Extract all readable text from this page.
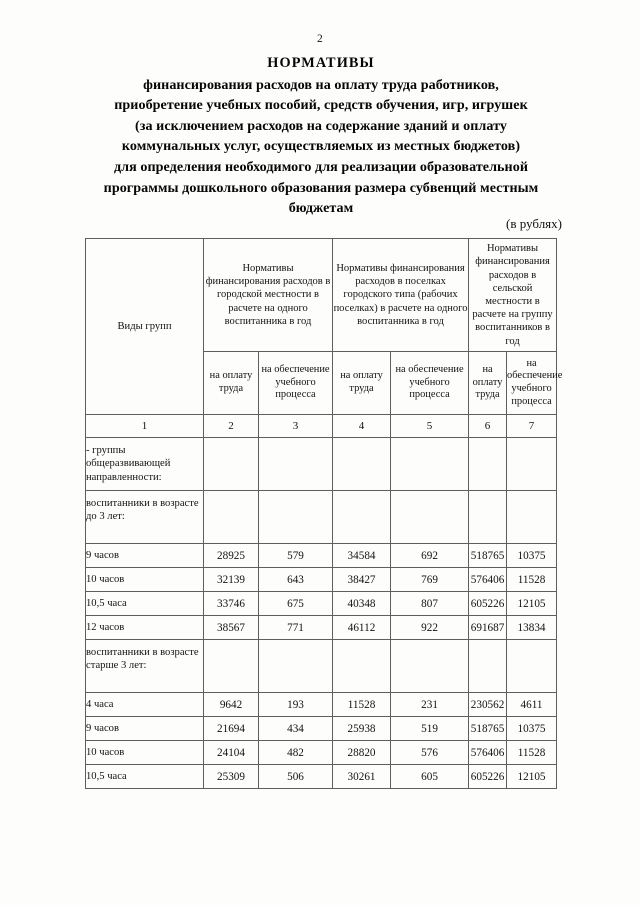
2
НОРМАТИВЫ
финансирования расходов на оплату труда работников,
приобретение учебных пособий, средств обучения, игр, игрушек
(за исключением расходов на содержание зданий и оплату
коммунальных услуг, осуществляемых из местных бюджетов)
для определения необходимого для реализации образовательной
программы дошкольного образования размера субвенций местным
бюджетам
(в рублях)
Виды групп	Нормативы финансирования расходов в городской местности в расчете на одного воспитанника в год		Нормативы финансирования расходов в поселках городского типа (рабочих поселках) в расчете на одного воспитанника в год		Нормативы финансирования расходов в сельской местности в расчете на группу воспитанников в год	
	на оплату труда	на обеспечение учебного процесса	на оплату труда	на обеспечение учебного процесса	на оплату труда	на обеспечение учебного процесса
1	2	3	4	5	6	7
- группы общеразвивающей направленности:						
воспитанники в возрасте до 3 лет:						
9 часов	28925	579	34584	692	518765	10375
10 часов	32139	643	38427	769	576406	11528
10,5 часа	33746	675	40348	807	605226	12105
12 часов	38567	771	46112	922	691687	13834
воспитанники в возрасте старше 3 лет:						
4 часа	9642	193	11528	231	230562	4611
9 часов	21694	434	25938	519	518765	10375
10 часов	24104	482	28820	576	576406	11528
10,5 часа	25309	506	30261	605	605226	12105
